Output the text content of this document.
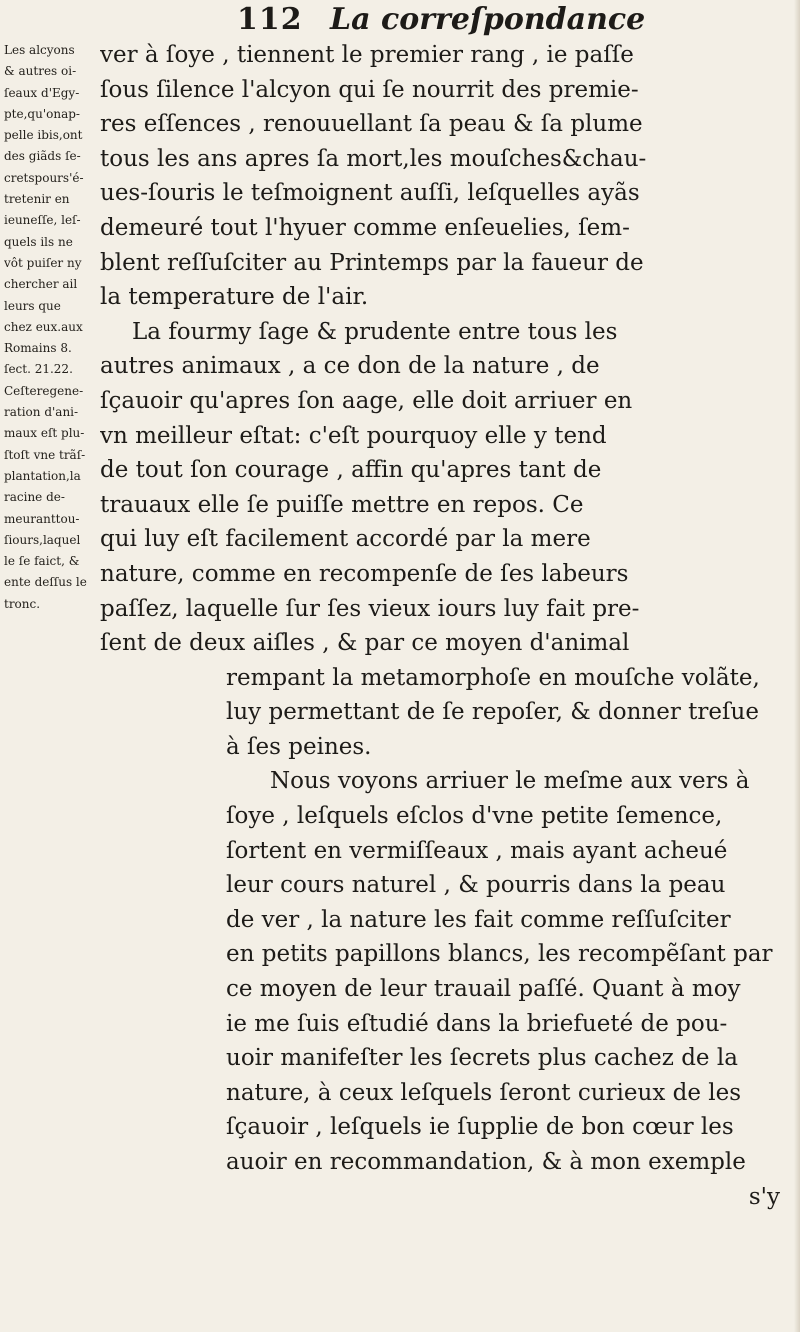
112 La correſpondance
Les alcyons
& autres oi-
ſeaux d'Egy-
pte,qu'onap-
pelle ibis,ont
des giãds ſe-
cretspours'é-
tretenir en
ieuneſſe, leſ-
quels ils ne
vôt puiſer ny
chercher ail
leurs que
chez eux.aux
Romains 8.
ſect. 21.22.
Ceſteregene-
ration d'ani-
maux eſt plu-
ſtoſt vne trãſ-
plantation,la
racine de-
meuranttou-
ſiours,laquel
le ſe faict, &
ente deſſus le
tronc.
ver à ſoye , tiennent le premier rang , ie paſſe
ſous ſilence l'alcyon qui ſe nourrit des premie-
res eſſences , renouuellant ſa peau & ſa plume
tous les ans apres ſa mort,les mouſches&chau-
ues-ſouris le teſmoignent auſſi, leſquelles ayãs
demeuré tout l'hyuer comme enſeuelies, ſem-
blent reſſuſciter au Printemps par la faueur de
la temperature de l'air.
La fourmy ſage & prudente entre tous les
autres animaux , a ce don de la nature , de
ſçauoir qu'apres ſon aage, elle doit arriuer en
vn meilleur eſtat: c'eſt pourquoy elle y tend
de tout ſon courage , affin qu'apres tant de
trauaux elle ſe puiſſe mettre en repos. Ce
qui luy eſt facilement accordé par la mere
nature, comme en recompenſe de ſes labeurs
paſſez, laquelle ſur ſes vieux iours luy fait pre-
ſent de deux aiſles , & par ce moyen d'animal
rempant la metamorphoſe en mouſche volãte,
luy permettant de ſe repoſer, & donner treſue
à ſes peines.
Nous voyons arriuer le meſme aux vers à
ſoye , leſquels eſclos d'vne petite ſemence,
ſortent en vermiſſeaux , mais ayant acheué
leur cours naturel , & pourris dans la peau
de ver , la nature les fait comme reſſuſciter
en petits papillons blancs, les recompẽſant par
ce moyen de leur trauail paſſé. Quant à moy
ie me ſuis eſtudié dans la briefueté de pou-
uoir manifeſter les ſecrets plus cachez de la
nature, à ceux leſquels ſeront curieux de les
ſçauoir , leſquels ie ſupplie de bon cœur les
auoir en recommandation, & à mon exemple
s'y
